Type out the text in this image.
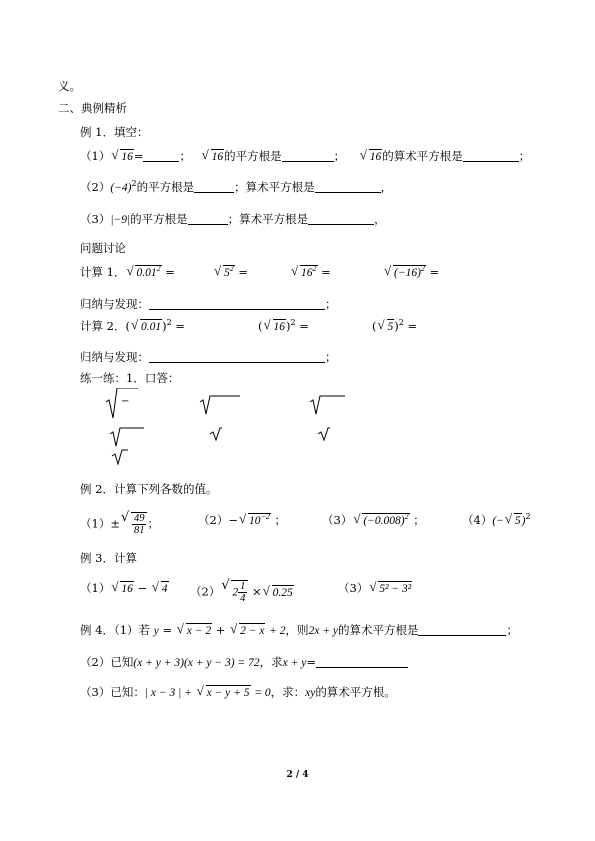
义。
二、典例精析
例 1．填空：
（1） √ 16=	； √ 16的平方根是	； √ 16的算术平方根是	；
$(2)(-4)^2$的平方根是	；算术平方根是	，
（3）|−9|的平方根是	；算术平方根是	，
问题讨论
计算 1． √ $0.01^2$ =	√ $5^2$ =	√ $16^2$ =	√ $(-16)^2$ =
归纳与发现：	；
计算 2．( √ 0.01)$^2$ =	( √ 16)$^2$ =	( √ 5)$^2$ =
归纳与发现：	；
练一练：1．口答：
−
例 2．计算下列各数的值。
（1）± √ $\frac{49}{81}$ ；	（2）− √ $10^{-2}$ ；	（3） √ $(-0.008)^2$ ；	（4）(− √ 5)$^2$
例 3．计算
（1） √ 16 − √ 4 （2） √ $2 \frac{1}{4}$ × √ 0.25	（3） √ 5² − 3²
例 4．（1）若 y = √ x − 2 + √ 2 − x + 2，则2x + y的算术平方根是	；
（2）已知(x + y + 3)(x + y − 3) = 72，求x + y=
（3）已知：| x − 3 | + √ x − y + 5 = 0，求：xy的算术平方根。
2 / 4
